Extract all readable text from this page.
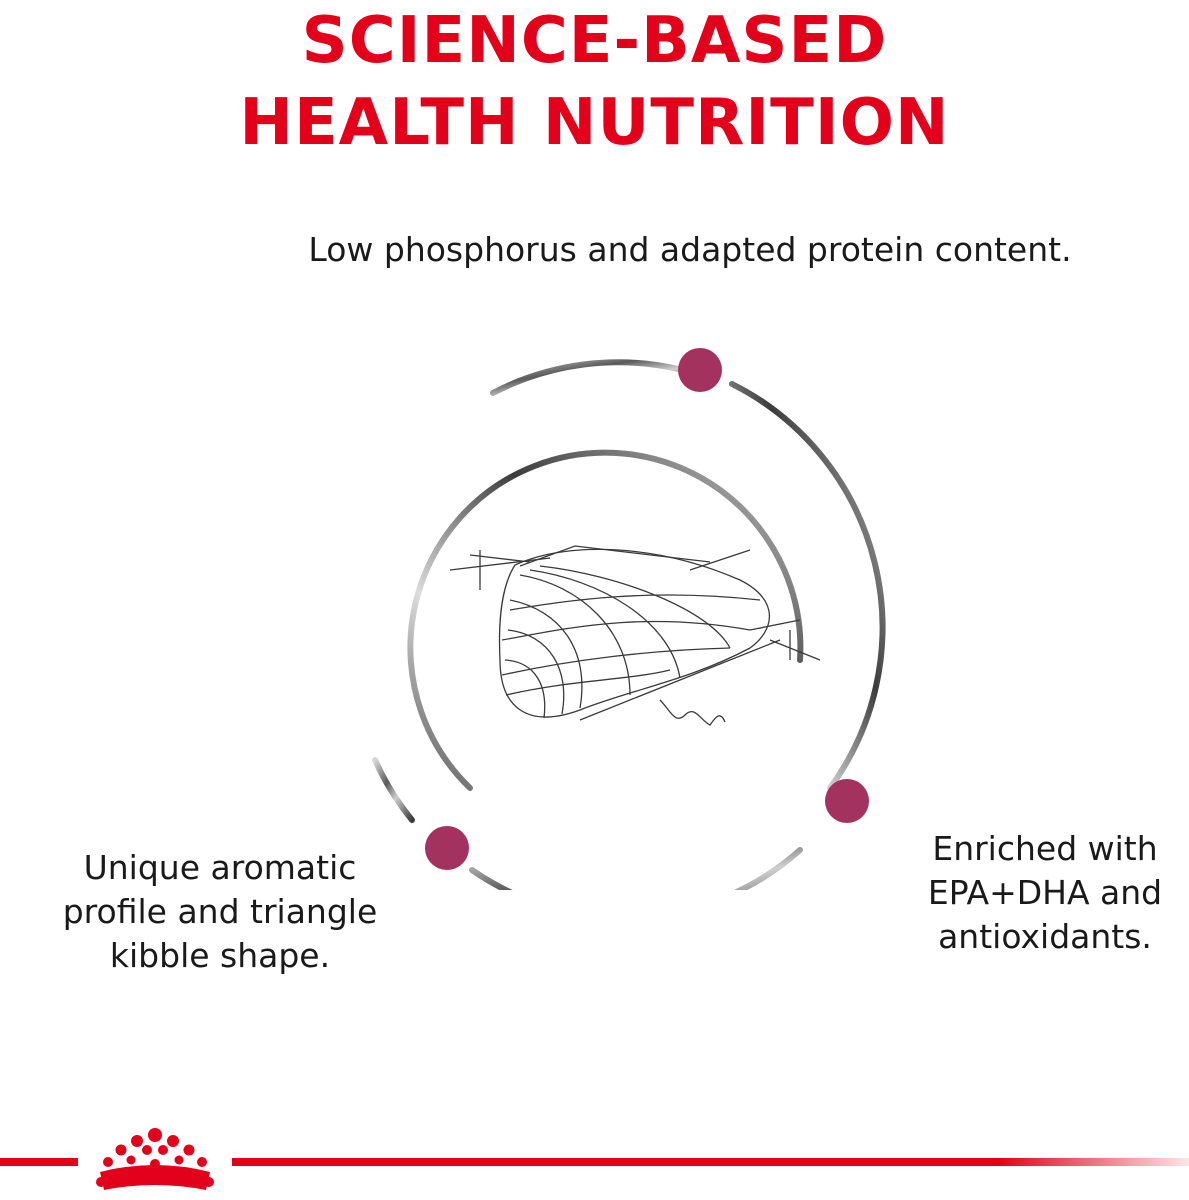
SCIENCE-BASED
HEALTH NUTRITION
Low phosphorus and adapted protein content.
Unique aromatic
profile and triangle
kibble shape.
Enriched with
EPA+DHA and
antioxidants.
